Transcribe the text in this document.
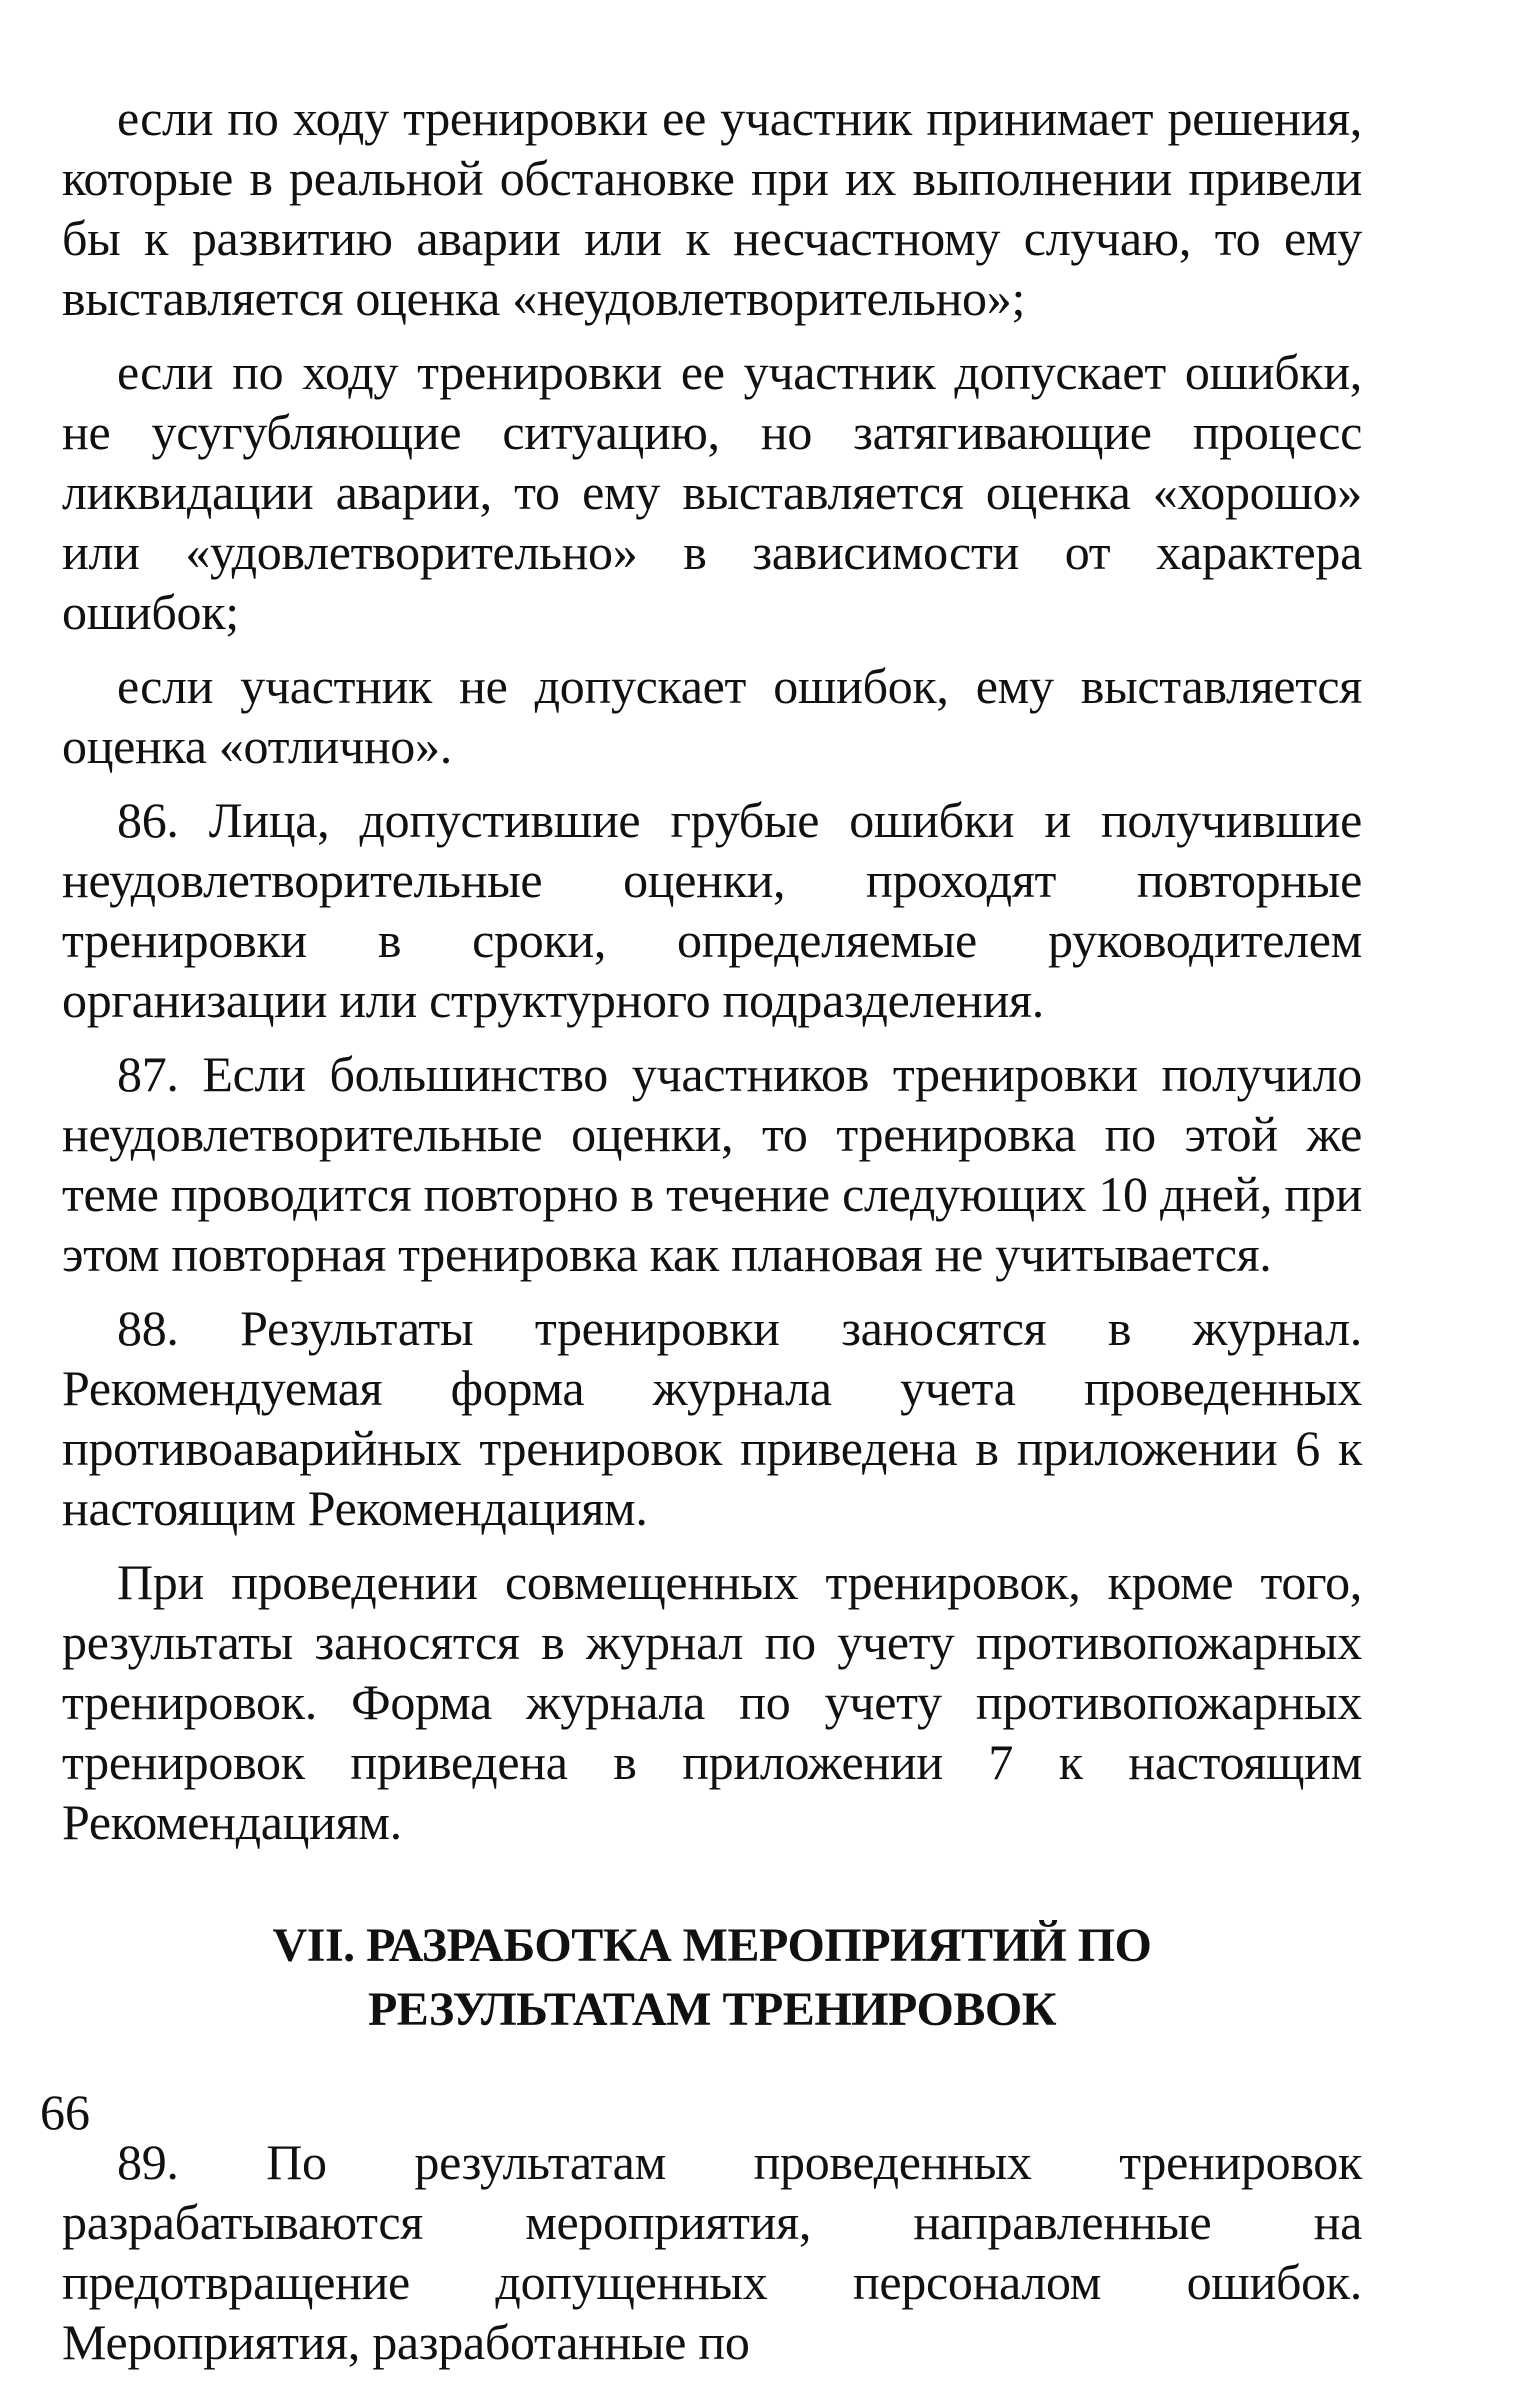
если по ходу тренировки ее участник принимает решения, которые в реальной обстановке при их выполнении привели бы к развитию аварии или к несчастному случаю, то ему выставляется оценка «неудовлетворительно»;

если по ходу тренировки ее участник допускает ошибки, не усугубляющие ситуацию, но затягивающие процесс ликвидации аварии, то ему выставляется оценка «хорошо» или «удовлетворительно» в зависимости от характера ошибок;

если участник не допускает ошибок, ему выставляется оценка «отлично».

86. Лица, допустившие грубые ошибки и получившие неудовлетворительные оценки, проходят повторные тренировки в сроки, определяемые руководителем организации или структурного подразделения.

87. Если большинство участников тренировки получило неудовлетворительные оценки, то тренировка по этой же теме проводится повторно в течение следующих 10 дней, при этом повторная тренировка как плановая не учитывается.

88. Результаты тренировки заносятся в журнал. Рекомендуемая форма журнала учета проведенных противоаварийных тренировок приведена в приложении 6 к настоящим Рекомендациям.

При проведении совмещенных тренировок, кроме того, результаты заносятся в журнал по учету противопожарных тренировок. Форма журнала по учету противопожарных тренировок приведена в приложении 7 к настоящим Рекомендациям.

VII. РАЗРАБОТКА МЕРОПРИЯТИЙ ПО
РЕЗУЛЬТАТАМ ТРЕНИРОВОК

89. По результатам проведенных тренировок разрабатываются мероприятия, направленные на предотвращение допущенных персоналом ошибок. Мероприятия, разработанные по

66
